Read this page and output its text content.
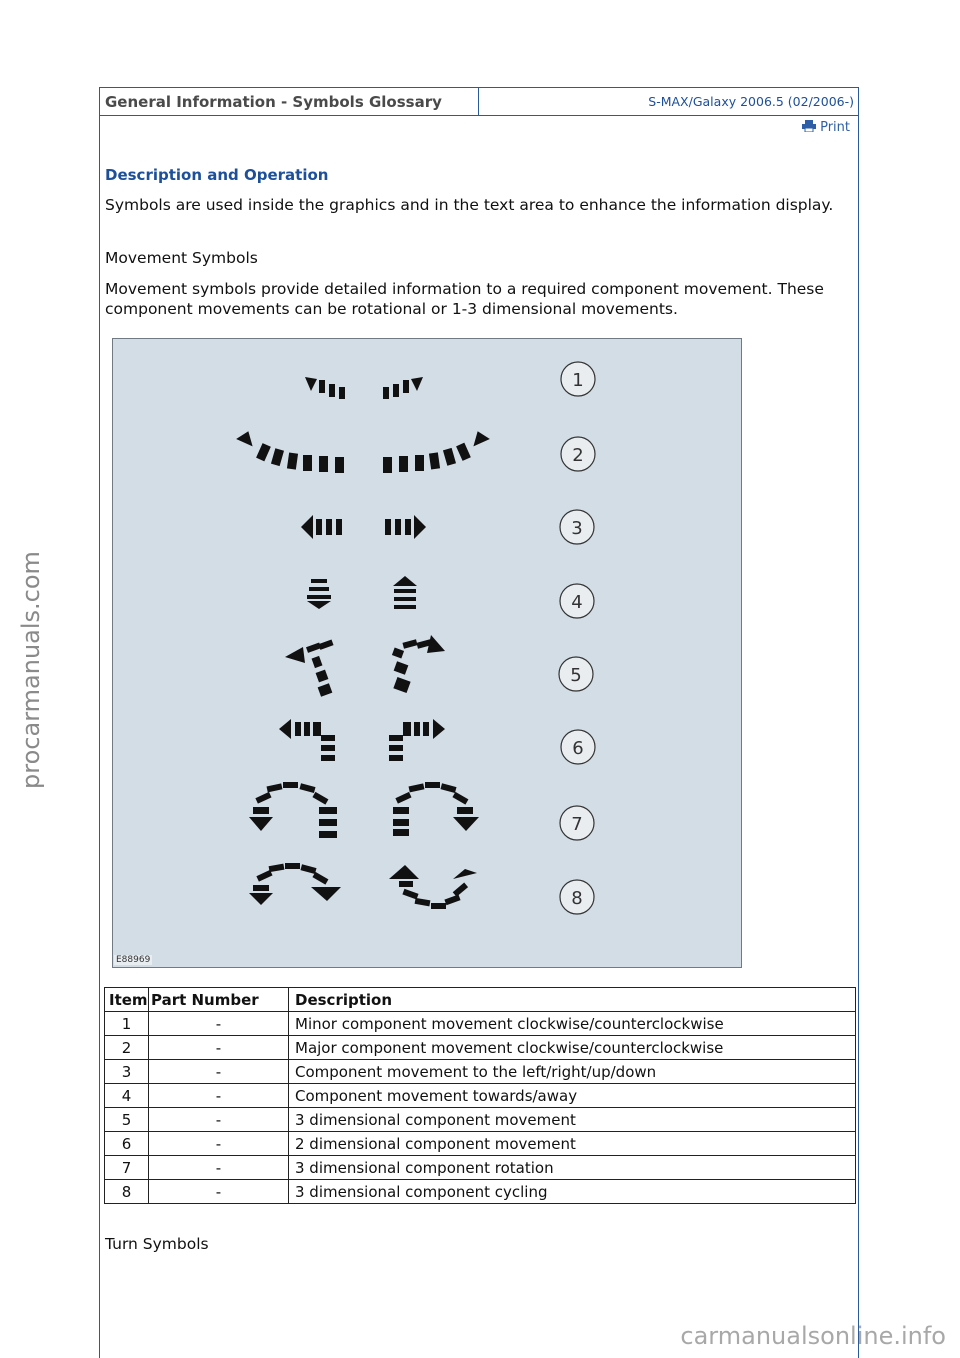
procarmanuals.com
carmanualsonline.info
General Information - Symbols Glossary	S-MAX/Galaxy 2006.5 (02/2006-)
Print
Description and Operation
Symbols are used inside the graphics and in the text area to enhance the information display.
Movement Symbols
Movement symbols provide detailed information to a required component movement. These component movements can be rotational or 1-3 dimensional movements.
1
2
3
4
5
6
7
8
E88969
Item	Part Number	Description
1	-	Minor component movement clockwise/counterclockwise
2	-	Major component movement clockwise/counterclockwise
3	-	Component movement to the left/right/up/down
4	-	Component movement towards/away
5	-	3 dimensional component movement
6	-	2 dimensional component movement
7	-	3 dimensional component rotation
8	-	3 dimensional component cycling
Turn Symbols
